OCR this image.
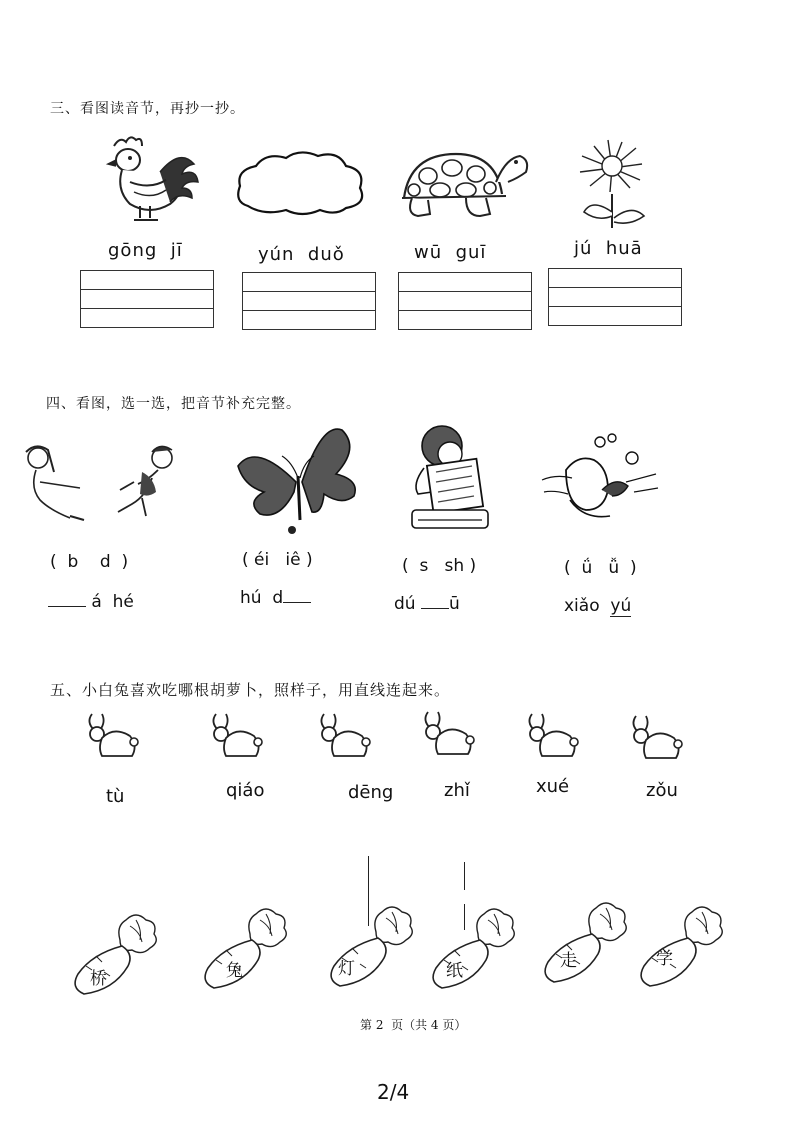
三、看图读音节，再抄一抄。
gōng  jī	yún  duǒ	wū  guī	jú  huā
四、看图，选一选，把音节补充完整。
(  b    d  )	( éi   iê )	(  s   sh )	(  ǘ   ǚ  )
á  hé	hú  d	dú ū	xiǎo  yú
五、小白兔喜欢吃哪根胡萝卜，照样子，用直线连起来。
tù	qiáo	dēng	zhǐ	xué	zǒu
桥	兔	灯	纸	走	学
第 2  页（共 4 页）
2/4
